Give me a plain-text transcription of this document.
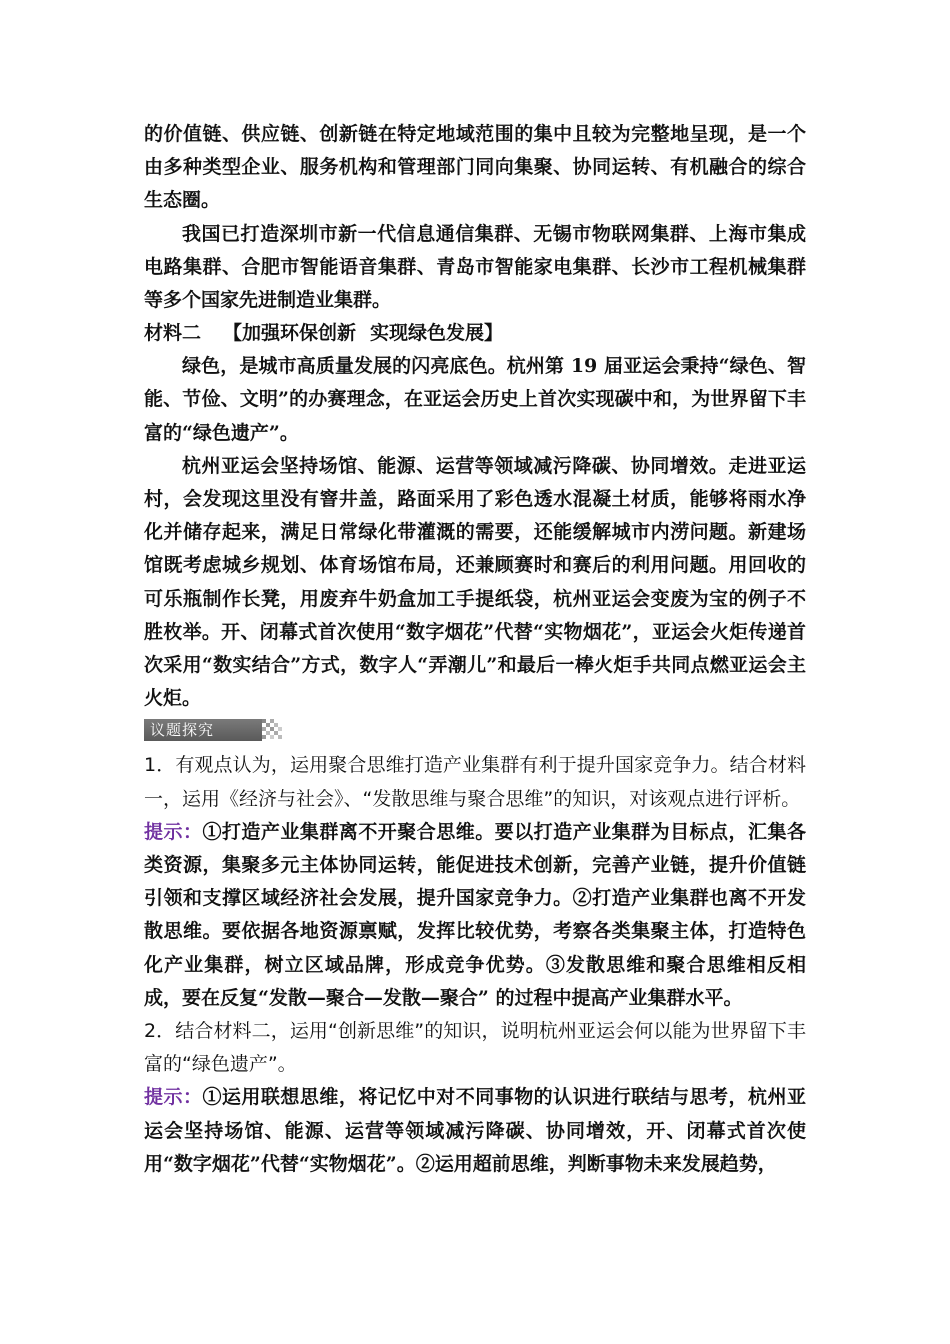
的价值链、供应链、创新链在特定地域范围的集中且较为完整地呈现，是一个由多种类型企业、服务机构和管理部门同向集聚、协同运转、有机融合的综合生态圈。

我国已打造深圳市新一代信息通信集群、无锡市物联网集群、上海市集成电路集群、合肥市智能语音集群、青岛市智能家电集群、长沙市工程机械集群等多个国家先进制造业集群。

材料二 【加强环保创新 实现绿色发展】

绿色，是城市高质量发展的闪亮底色。杭州第 19 届亚运会秉持“绿色、智能、节俭、文明”的办赛理念，在亚运会历史上首次实现碳中和，为世界留下丰富的“绿色遗产”。

杭州亚运会坚持场馆、能源、运营等领域减污降碳、协同增效。走进亚运村，会发现这里没有窨井盖，路面采用了彩色透水混凝土材质，能够将雨水净化并储存起来，满足日常绿化带灌溉的需要，还能缓解城市内涝问题。新建场馆既考虑城乡规划、体育场馆布局，还兼顾赛时和赛后的利用问题。用回收的可乐瓶制作长凳，用废弃牛奶盒加工手提纸袋，杭州亚运会变废为宝的例子不胜枚举。开、闭幕式首次使用“数字烟花”代替“实物烟花”，亚运会火炬传递首次采用“数实结合”方式，数字人“弄潮儿”和最后一棒火炬手共同点燃亚运会主火炬。

议题探究

1．有观点认为，运用聚合思维打造产业集群有利于提升国家竞争力。结合材料一，运用《经济与社会》、“发散思维与聚合思维”的知识，对该观点进行评析。

提示：①打造产业集群离不开聚合思维。要以打造产业集群为目标点，汇集各类资源，集聚多元主体协同运转，能促进技术创新，完善产业链，提升价值链引领和支撑区域经济社会发展，提升国家竞争力。②打造产业集群也离不开发散思维。要依据各地资源禀赋，发挥比较优势，考察各类集聚主体，打造特色化产业集群，树立区域品牌，形成竞争优势。③发散思维和聚合思维相反相成，要在反复“发散—聚合—发散—聚合” 的过程中提高产业集群水平。

2．结合材料二，运用“创新思维”的知识，说明杭州亚运会何以能为世界留下丰富的“绿色遗产”。

提示：①运用联想思维，将记忆中对不同事物的认识进行联结与思考，杭州亚运会坚持场馆、能源、运营等领域减污降碳、协同增效，开、闭幕式首次使用“数字烟花”代替“实物烟花”。②运用超前思维，判断事物未来发展趋势，
